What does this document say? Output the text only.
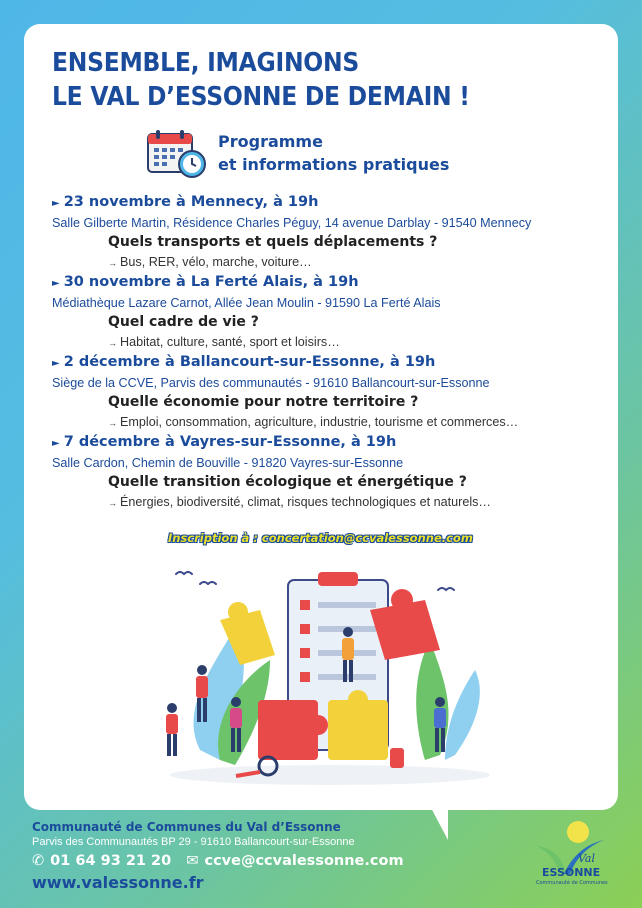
ENSEMBLE, IMAGINONS
LE VAL D’ESSONNE DE DEMAIN !
Programme
et informations pratiques
► 23 novembre à Mennecy, à 19h
Salle Gilberte Martin, Résidence Charles Péguy, 14 avenue Darblay - 91540 Mennecy
Quels transports et quels déplacements ?
→ Bus, RER, vélo, marche, voiture…
► 30 novembre à La Ferté Alais, à 19h
Médiathèque Lazare Carnot, Allée Jean Moulin - 91590 La Ferté Alais
Quel cadre de vie ?
→ Habitat, culture, santé, sport et loisirs…
► 2 décembre à Ballancourt-sur-Essonne, à 19h
Siège de la CCVE, Parvis des communautés - 91610 Ballancourt-sur-Essonne
Quelle économie pour notre territoire ?
→ Emploi, consommation, agriculture, industrie, tourisme et commerces…
► 7 décembre à Vayres-sur-Essonne, à 19h
Salle Cardon, Chemin de Bouville - 91820 Vayres-sur-Essonne
Quelle transition écologique et énergétique ?
→ Énergies, biodiversité, climat, risques technologiques et naturels…
Inscription à : concertation@ccvalessonne.com
Communauté de Communes du Val d’Essonne
Parvis des Communautés BP 29 - 91610 Ballancourt-sur-Essonne
✆ 01 64 93 21 20 ✉ ccve@ccvalessonne.com
www.valessonne.fr
Val
ESSONNE
Communauté de Communes
